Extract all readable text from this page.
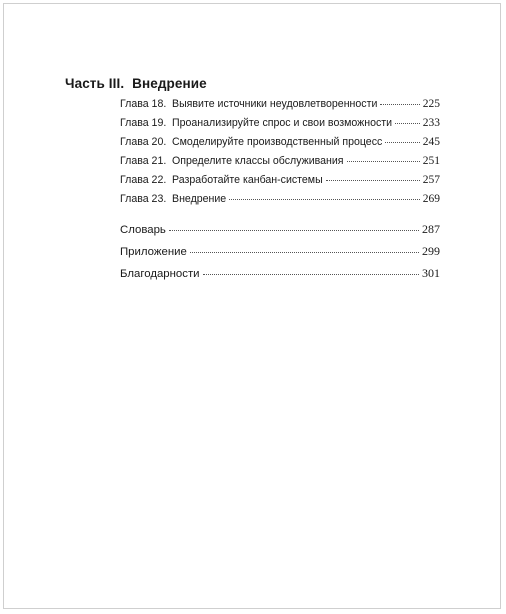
Часть III. Внедрение
Глава 18. Выявите источники неудовлетворенности	225
Глава 19. Проанализируйте спрос и свои возможности	233
Глава 20. Смоделируйте производственный процесс	245
Глава 21. Определите классы обслуживания	251
Глава 22. Разработайте канбан-системы	257
Глава 23. Внедрение	269
Словарь	287
Приложение	299
Благодарности	301
